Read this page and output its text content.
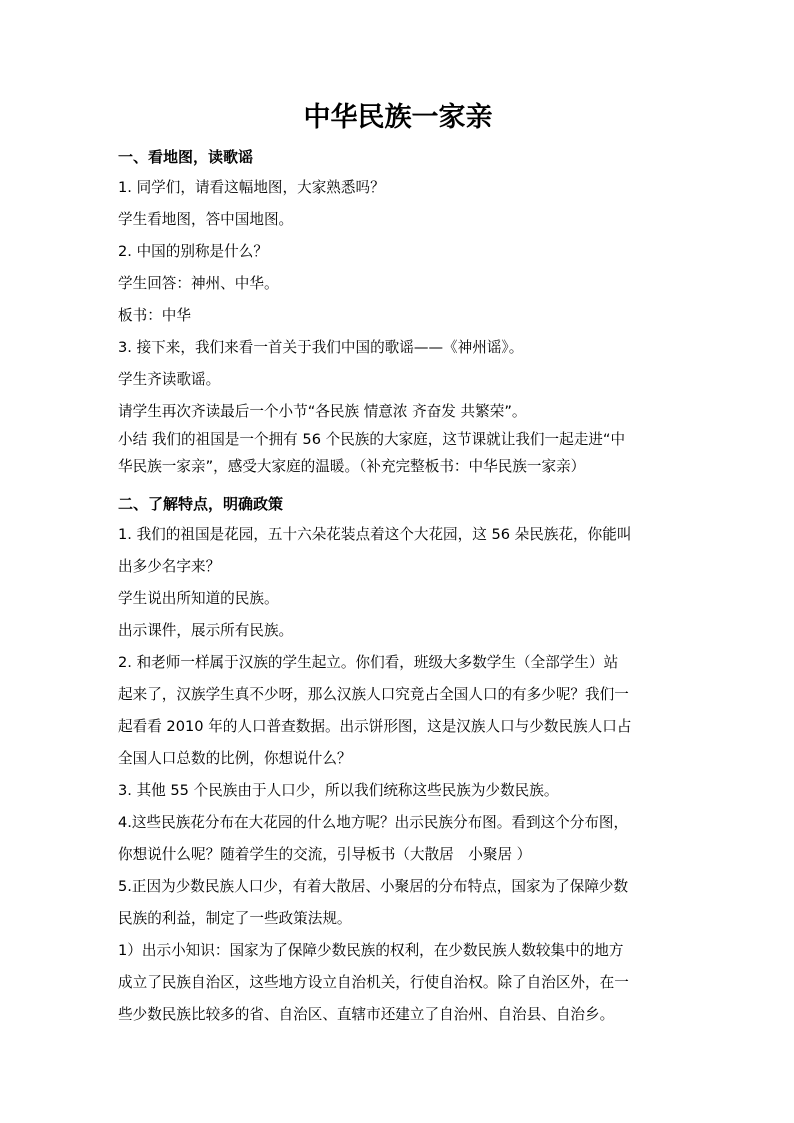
中华民族一家亲
一、看地图，读歌谣
1. 同学们，请看这幅地图，大家熟悉吗？
学生看地图，答中国地图。
2. 中国的别称是什么？
学生回答：神州、中华。
板书：中华
3. 接下来，我们来看一首关于我们中国的歌谣——《神州谣》。
学生齐读歌谣。
请学生再次齐读最后一个小节“各民族 情意浓 齐奋发 共繁荣”。
小结 我们的祖国是一个拥有 56 个民族的大家庭，这节课就让我们一起走进“中
华民族一家亲”，感受大家庭的温暖。（补充完整板书：中华民族一家亲）
二、了解特点，明确政策
1. 我们的祖国是花园，五十六朵花装点着这个大花园，这 56 朵民族花，你能叫
出多少名字来？
学生说出所知道的民族。
出示课件，展示所有民族。
2. 和老师一样属于汉族的学生起立。你们看，班级大多数学生（全部学生）站
起来了，汉族学生真不少呀，那么汉族人口究竟占全国人口的有多少呢？我们一
起看看 2010 年的人口普查数据。出示饼形图，这是汉族人口与少数民族人口占
全国人口总数的比例，你想说什么？
3. 其他 55 个民族由于人口少，所以我们统称这些民族为少数民族。
4.这些民族花分布在大花园的什么地方呢？出示民族分布图。看到这个分布图，
你想说什么呢？随着学生的交流，引导板书（大散居　小聚居 ）
5.正因为少数民族人口少，有着大散居、小聚居的分布特点，国家为了保障少数
民族的利益，制定了一些政策法规。
1）出示小知识：国家为了保障少数民族的权利，在少数民族人数较集中的地方
成立了民族自治区，这些地方设立自治机关，行使自治权。除了自治区外，在一
些少数民族比较多的省、自治区、直辖市还建立了自治州、自治县、自治乡。
